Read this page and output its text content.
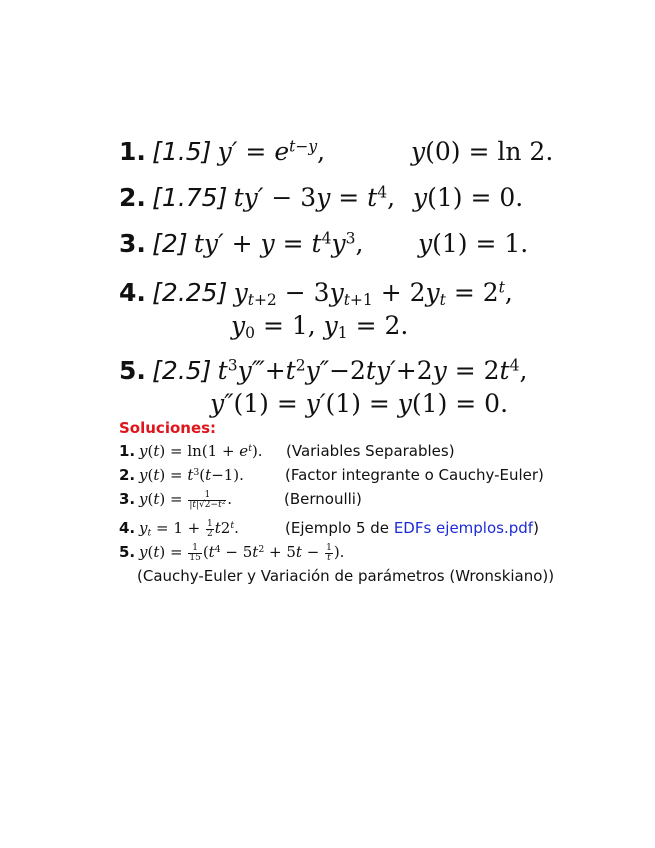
1. [1.5] $y' = e^{t-y}$,	y(0) = ln 2.
2. [1.75] $ty' - 3y = t^4$, y(1) = 0.
3. [2] $ty' + y = t^4y^3$, y(1) = 1.
4. [2.25] $y_{t+2} - 3y_{t+1} + 2y_t = 2^t$,
$y_0 = 1$, $y_1 = 2$.
5. [2.5] $t^3y‴+t^2y''-2ty'+2y = 2t^4$,
y″(1) = y′(1) = y(1) = 0.
Soluciones:
1. $y(t) = \ln(1 + e^t)$. (Variables Separables)
2. $y(t) = t^3(t-1)$.	(Factor integrante o Cauchy-Euler)
3. $y(t) = \frac{1}{|t|√2-t^2}$ .	(Bernoulli)
4. $y_t = 1 + \frac{1}{2} t2^t$.	(Ejemplo 5 de EDFs ejemplos.pdf)
5. $y(t) = \frac{1}{15} (t^4 - 5t^2 + 5t - \frac{1}{t}$ ).
(Cauchy-Euler y Variación de parámetros (Wronskiano))
